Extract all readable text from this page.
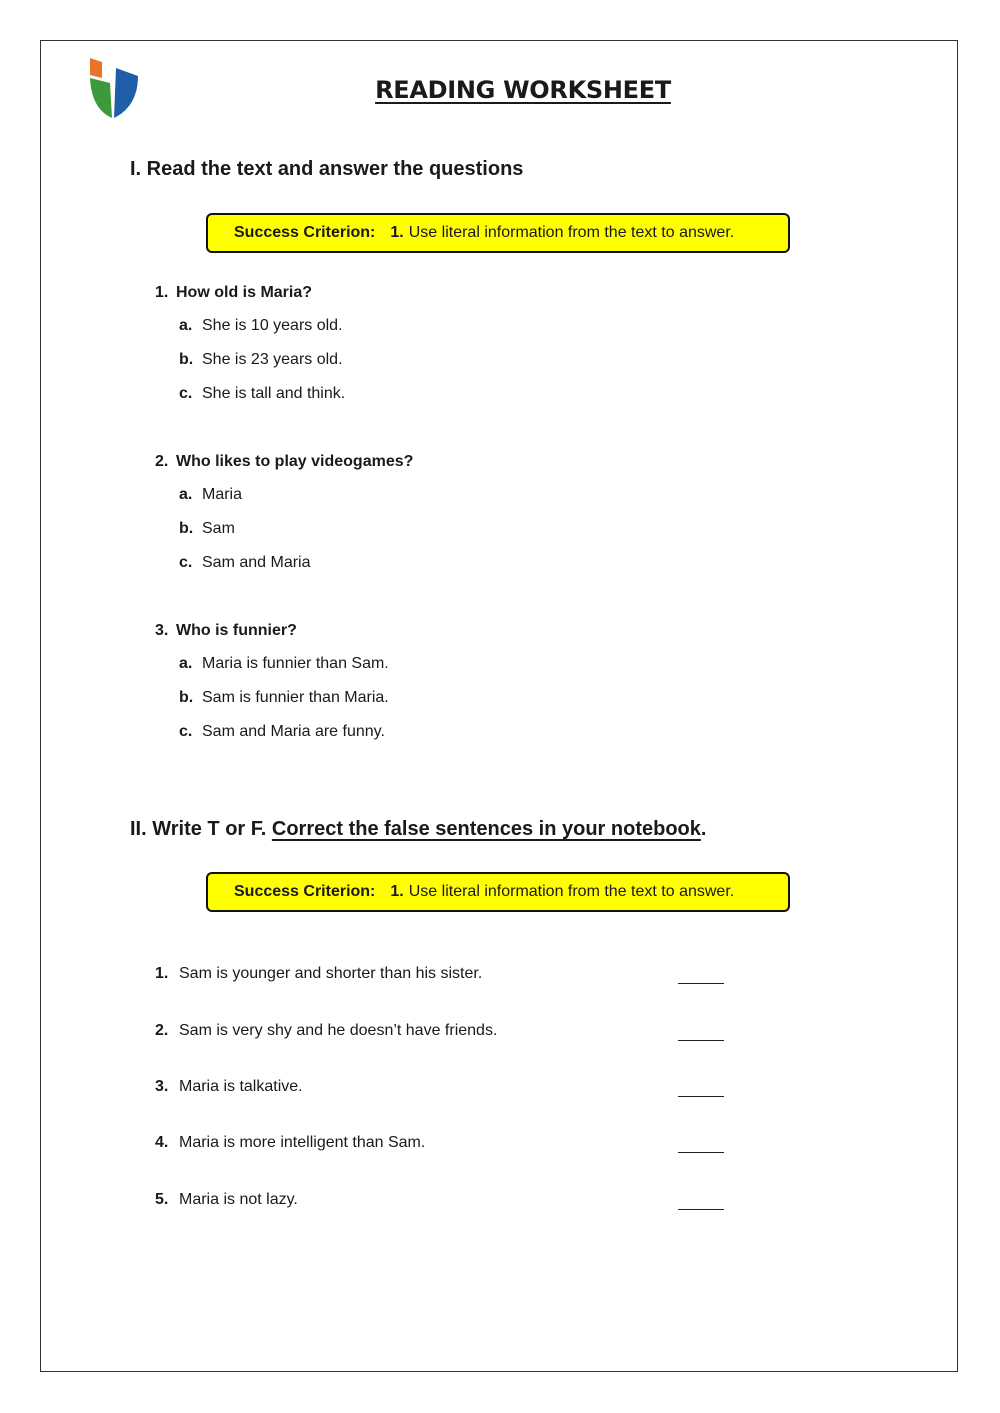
READING WORKSHEET
I. Read the text and answer the questions
Success Criterion: 1. Use literal information from the text to answer.
1. How old is Maria?
a. She is 10 years old.
b. She is 23 years old.
c. She is tall and think.
2. Who likes to play videogames?
a. Maria
b. Sam
c. Sam and Maria
3. Who is funnier?
a. Maria is funnier than Sam.
b. Sam is funnier than Maria.
c. Sam and Maria are funny.
II. Write T or F. Correct the false sentences in your notebook.
Success Criterion: 1. Use literal information from the text to answer.
1. Sam is younger and shorter than his sister.
2. Sam is very shy and he doesn’t have friends.
3. Maria is talkative.
4. Maria is more intelligent than Sam.
5. Maria is not lazy.
